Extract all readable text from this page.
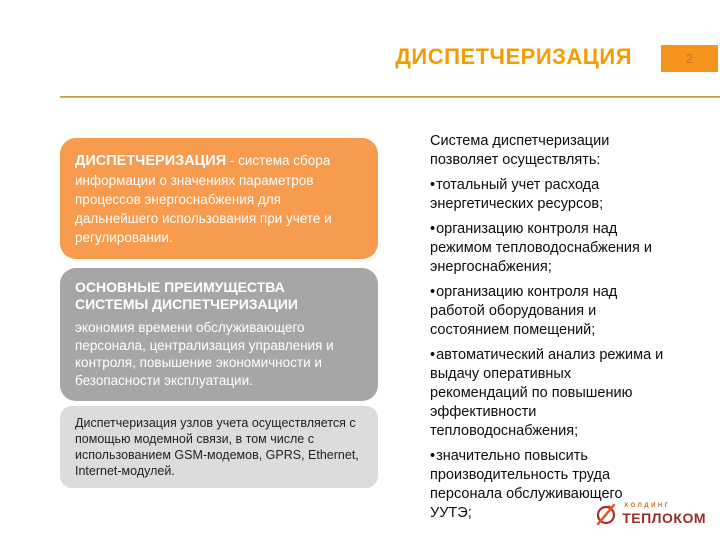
ДИСПЕТЧЕРИЗАЦИЯ	2
ДИСПЕТЧЕРИЗАЦИЯ - система сбора информации о значениях параметров процессов энергоснабжения для дальнейшего использования при учете и регулировании.
ОСНОВНЫЕ ПРЕИМУЩЕСТВА
СИСТЕМЫ ДИСПЕТЧЕРИЗАЦИИ
экономия времени обслуживающего персонала, централизация управления и контроля, повышение экономичности и безопасности эксплуатации.
Диспетчеризация узлов учета осуществляется с помощью модемной связи, в том числе с использованием GSM-модемов, GPRS, Ethernet, Internet-модулей.

Система диспетчеризации позволяет осуществлять:

•тотальный учет расхода энергетических ресурсов;
•организацию контроля над режимом тепловодоснабжения и энергоснабжения;
•организацию контроля над работой оборудования и состоянием помещений;
•автоматический анализ режима и выдачу оперативных рекомендаций по повышению эффективности тепловодоснабжения;
•значительно повысить производительность труда персонала обслуживающего УУТЭ;	ХОЛДИНГ
ТЕПЛОКОМ
